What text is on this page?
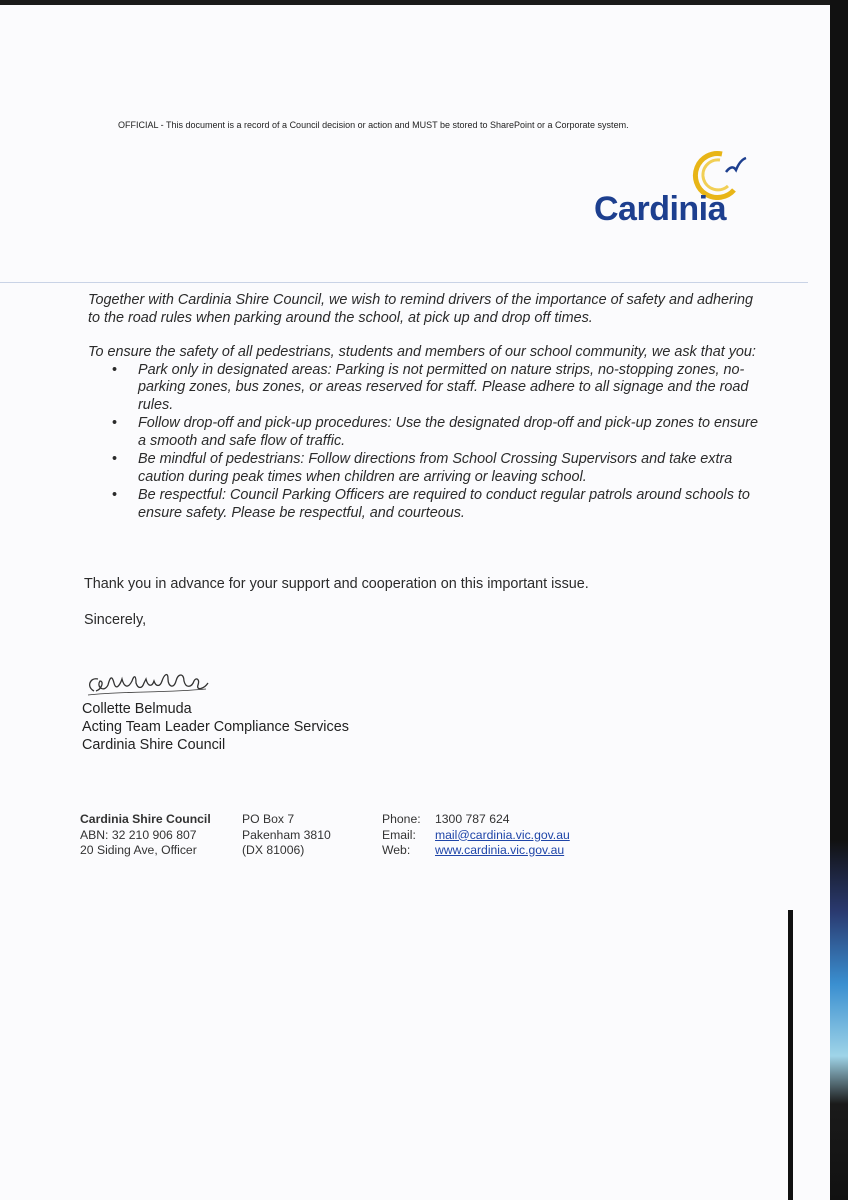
OFFICIAL - This document is a record of a Council decision or action and MUST be stored to SharePoint or a Corporate system.
Cardinia

Together with Cardinia Shire Council, we wish to remind drivers of the importance of safety and adhering to the road rules when parking around the school, at pick up and drop off times.

To ensure the safety of all pedestrians, students and members of our school community, we ask that you:

• Park only in designated areas: Parking is not permitted on nature strips, no-stopping zones, no-parking zones, bus zones, or areas reserved for staff. Please adhere to all signage and the road rules.
• Follow drop-off and pick-up procedures: Use the designated drop-off and pick-up zones to ensure a smooth and safe flow of traffic.
• Be mindful of pedestrians: Follow directions from School Crossing Supervisors and take extra caution during peak times when children are arriving or leaving school.
• Be respectful: Council Parking Officers are required to conduct regular patrols around schools to ensure safety. Please be respectful, and courteous.
Thank you in advance for your support and cooperation on this important issue.
Sincerely,
Collette Belmuda
Acting Team Leader Compliance Services
Cardinia Shire Council
Cardinia Shire Council
ABN: 32 210 906 807
20 Siding Ave, Officer
PO Box 7
Pakenham 3810
(DX 81006)
Phone:
Email:
Web:
1300 787 624
mail@cardinia.vic.gov.au
www.cardinia.vic.gov.au
